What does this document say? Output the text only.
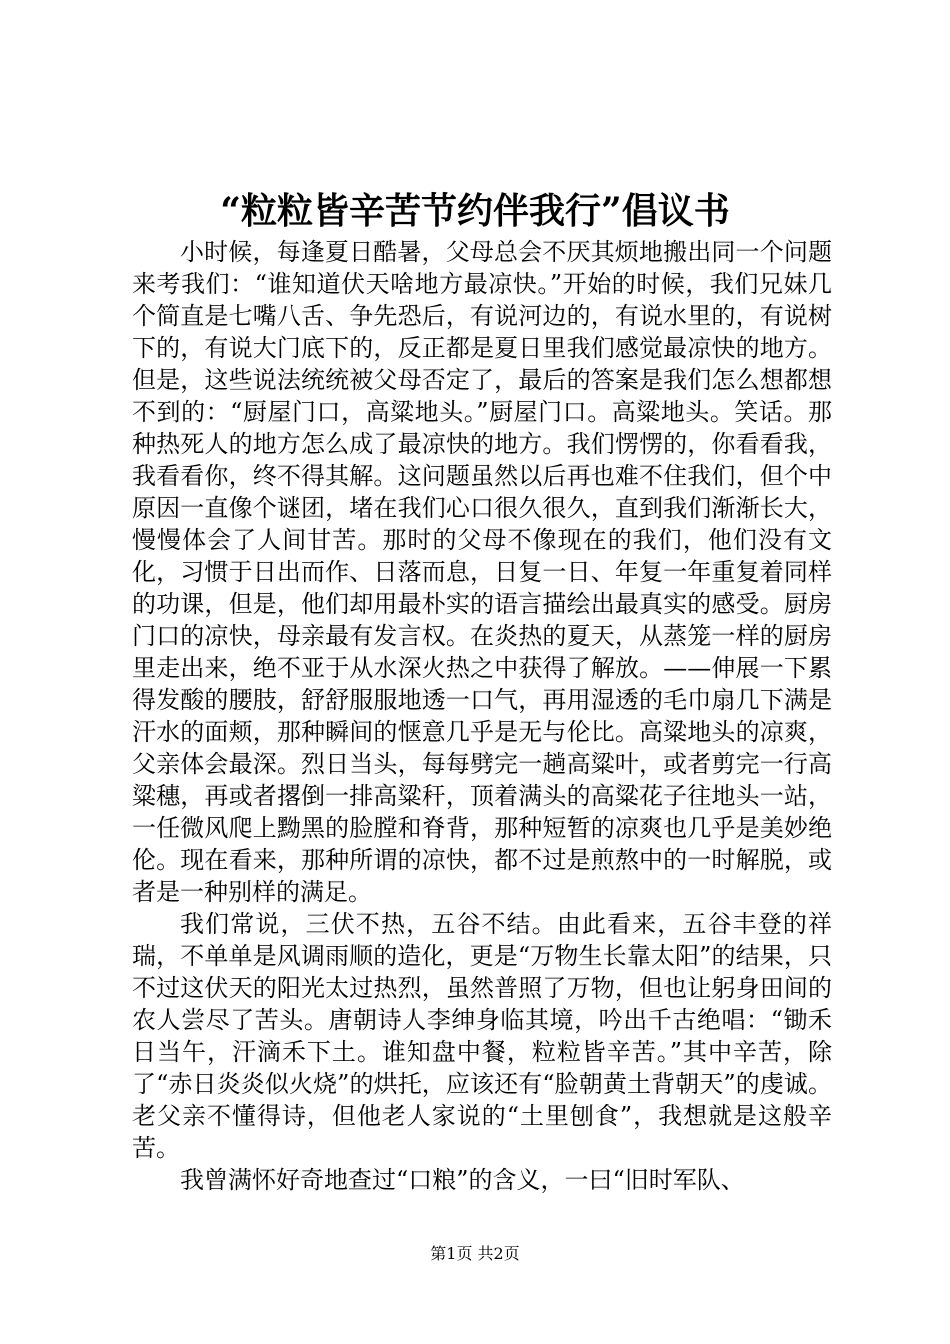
“粒粒皆辛苦节约伴我行”倡议书

小时候，每逢夏日酷暑，父母总会不厌其烦地搬出同一个问题来考我们：“谁知道伏天啥地方最凉快。”开始的时候，我们兄妹几个简直是七嘴八舌、争先恐后，有说河边的，有说水里的，有说树下的，有说大门底下的，反正都是夏日里我们感觉最凉快的地方。但是，这些说法统统被父母否定了，最后的答案是我们怎么想都想不到的：“厨屋门口，高粱地头。”厨屋门口。高粱地头。笑话。那种热死人的地方怎么成了最凉快的地方。我们愣愣的，你看看我，我看看你，终不得其解。这问题虽然以后再也难不住我们，但个中原因一直像个谜团，堵在我们心口很久很久，直到我们渐渐长大，慢慢体会了人间甘苦。那时的父母不像现在的我们，他们没有文化，习惯于日出而作、日落而息，日复一日、年复一年重复着同样的功课，但是，他们却用最朴实的语言描绘出最真实的感受。厨房门口的凉快，母亲最有发言权。在炎热的夏天，从蒸笼一样的厨房里走出来，绝不亚于从水深火热之中获得了解放。——伸展一下累得发酸的腰肢，舒舒服服地透一口气，再用湿透的毛巾扇几下满是汗水的面颊，那种瞬间的惬意几乎是无与伦比。高粱地头的凉爽，父亲体会最深。烈日当头，每每劈完一趟高粱叶，或者剪完一行高粱穗，再或者撂倒一排高粱秆，顶着满头的高粱花子往地头一站，一任微风爬上黝黑的脸膛和脊背，那种短暂的凉爽也几乎是美妙绝伦。现在看来，那种所谓的凉快，都不过是煎熬中的一时解脱，或者是一种别样的满足。

我们常说，三伏不热，五谷不结。由此看来，五谷丰登的祥瑞，不单单是风调雨顺的造化，更是“万物生长靠太阳”的结果，只不过这伏天的阳光太过热烈，虽然普照了万物，但也让躬身田间的农人尝尽了苦头。唐朝诗人李绅身临其境，吟出千古绝唱：“锄禾日当午，汗滴禾下土。谁知盘中餐，粒粒皆辛苦。”其中辛苦，除了“赤日炎炎似火烧”的烘托，应该还有“脸朝黄土背朝天”的虔诚。老父亲不懂得诗，但他老人家说的“土里刨食”，我想就是这般辛苦。

我曾满怀好奇地查过“口粮”的含义，一曰“旧时军队、

第1页 共2页
